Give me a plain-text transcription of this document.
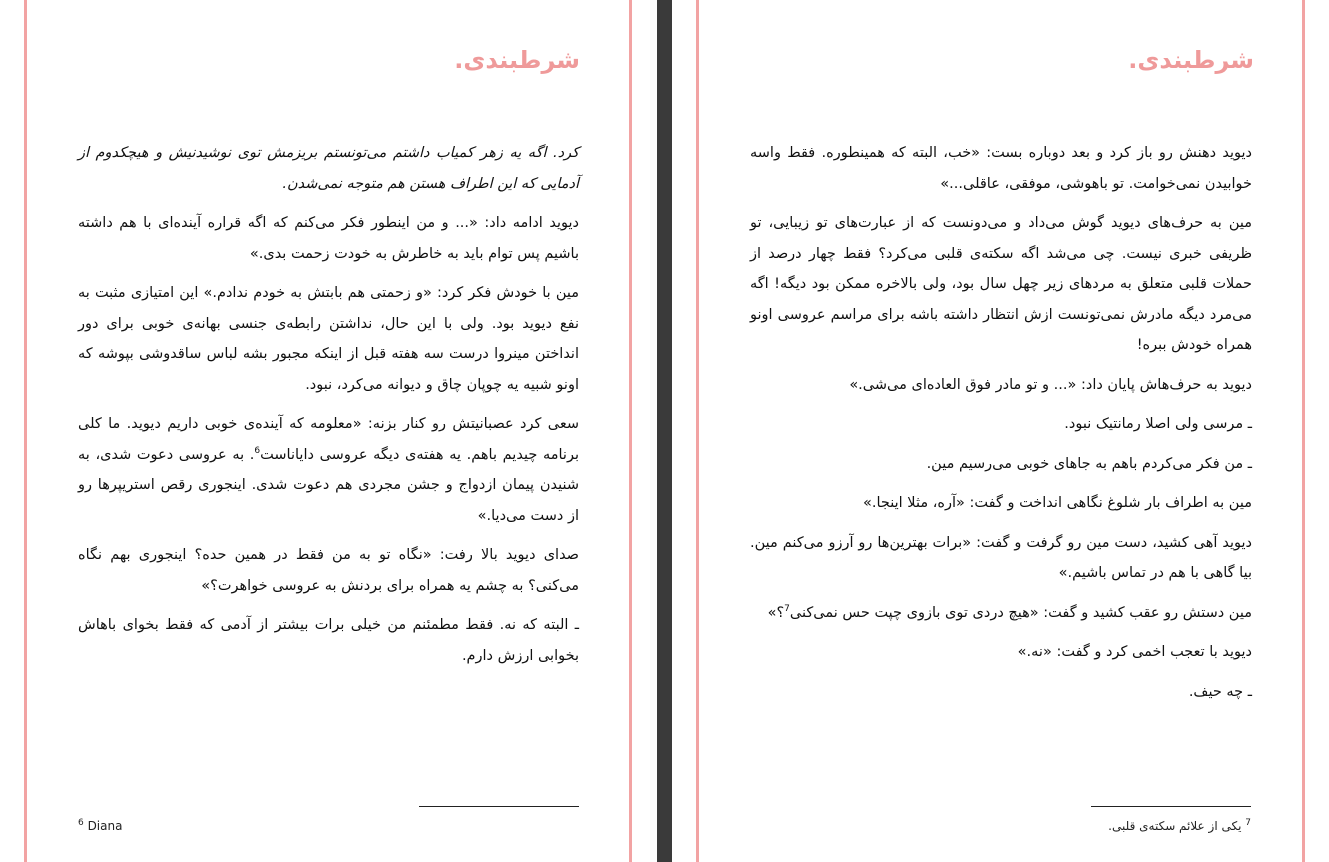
شرطبندی.

کرد. اگه یه زهر کمیاب داشتم می‌تونستم بریزمش توی نوشیدنیش و هیچکدوم از آدمایی که این اطراف هستن هم متوجه نمی‌شدن.

دیوید ادامه داد: «... و من اینطور فکر می‌کنم که اگه قراره آینده‌ای با هم داشته باشیم پس توام باید به خاطرش به خودت زحمت بدی.»

مین با خودش فکر کرد: «و زحمتی هم بابتش به خودم ندادم.» این امتیازی مثبت به نفع دیوید بود. ولی با این حال، نداشتن رابطه‌ی جنسی بهانه‌ی خوبی برای دور انداختن مینروا درست سه هفته قبل از اینکه مجبور بشه لباس ساقدوشی بپوشه که اونو شبیه یه چوپان چاق و دیوانه می‌کرد، نبود.

سعی کرد عصبانیتش رو کنار بزنه: «معلومه که آینده‌ی خوبی داریم دیوید. ما کلی برنامه چیدیم باهم. یه هفته‌ی دیگه عروسی دایاناست$^6$. به عروسی دعوت شدی، به شنیدن پیمان ازدواج و جشن مجردی هم دعوت شدی. اینجوری رقص استریپرها رو از دست می‌دیا.»

صدای دیوید بالا رفت: «نگاه تو به من فقط در همین حده؟ اینجوری بهم نگاه می‌کنی؟ به چشم یه همراه برای بردنش به عروسی خواهرت؟»

ـ البته که نه. فقط مطمئنم من خیلی برات بیشتر از آدمی که فقط بخوای باهاش بخوابی ارزش دارم.

$^6$ Diana
شرطبندی.

دیوید دهنش رو باز کرد و بعد دوباره بست: «خب، البته که همینطوره. فقط واسه خوابیدن نمی‌خوامت. تو باهوشی، موفقی، عاقلی...»

مین به حرف‌های دیوید گوش می‌داد و می‌دونست که از عبارت‌های تو زیبایی، تو ظریفی خبری نیست. چی می‌شد اگه سکته‌ی قلبی می‌کرد؟ فقط چهار درصد از حملات قلبی متعلق به مردهای زیر چهل سال بود، ولی بالاخره ممکن بود دیگه! اگه می‌مرد دیگه مادرش نمی‌تونست ازش انتظار داشته باشه برای مراسم عروسی اونو همراه خودش ببره!

دیوید به حرف‌هاش پایان داد: «... و تو مادر فوق العاده‌ای می‌شی.»

ـ مرسی ولی اصلا رمانتیک نبود.

ـ من فکر می‌کردم باهم به جاهای خوبی می‌رسیم مین.

مین به اطراف بار شلوغ نگاهی انداخت و گفت: «آره، مثلا اینجا.»

دیوید آهی کشید، دست مین رو گرفت و گفت: «برات بهترین‌ها رو آرزو می‌کنم مین. بیا گاهی با هم در تماس باشیم.»

مین دستش رو عقب کشید و گفت: «هیچ دردی توی بازوی چپت حس نمی‌کنی$^7$؟»

دیوید با تعجب اخمی کرد و گفت: «نه.»

ـ چه حیف.

$^7$ یکی از علائم سکته‌ی قلبی.
